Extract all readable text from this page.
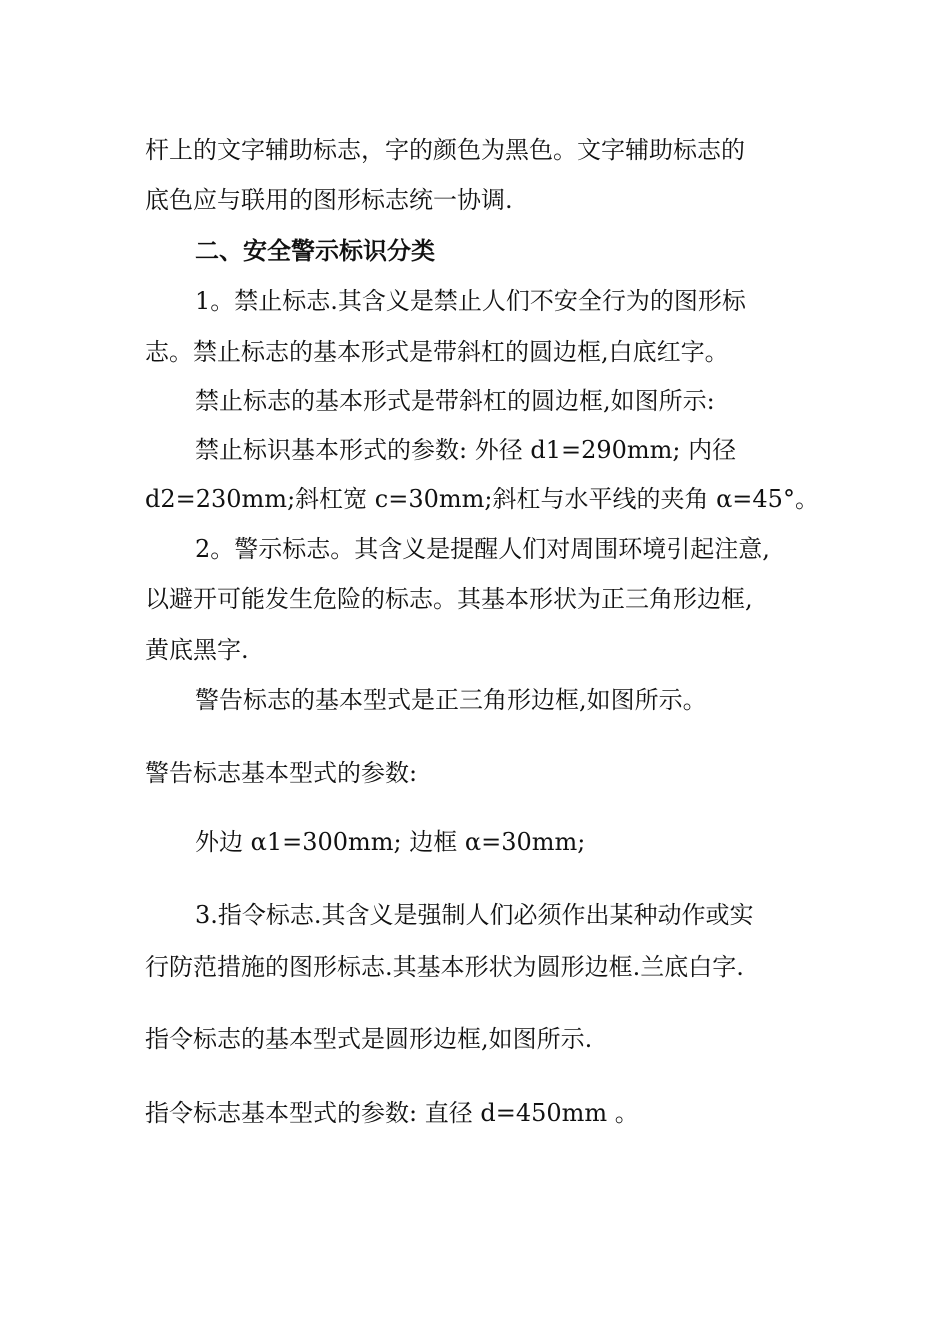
杆上的文字辅助标志，字的颜色为黑色。文字辅助标志的
底色应与联用的图形标志统一协调.
二、安全警示标识分类
1。禁止标志.其含义是禁止人们不安全行为的图形标
志。禁止标志的基本形式是带斜杠的圆边框,白底红字。
禁止标志的基本形式是带斜杠的圆边框,如图所示:
禁止标识基本形式的参数: 外径 d1=290mm; 内径
d2=230mm;斜杠宽 c=30mm;斜杠与水平线的夹角 α=45°。
2。警示标志。其含义是提醒人们对周围环境引起注意,
以避开可能发生危险的标志。其基本形状为正三角形边框,
黄底黑字.
警告标志的基本型式是正三角形边框,如图所示。
警告标志基本型式的参数:
外边 α1=300mm; 边框 α=30mm;
3.指令标志.其含义是强制人们必须作出某种动作或实
行防范措施的图形标志.其基本形状为圆形边框.兰底白字.
指令标志的基本型式是圆形边框,如图所示.
指令标志基本型式的参数: 直径 d=450mm 。
